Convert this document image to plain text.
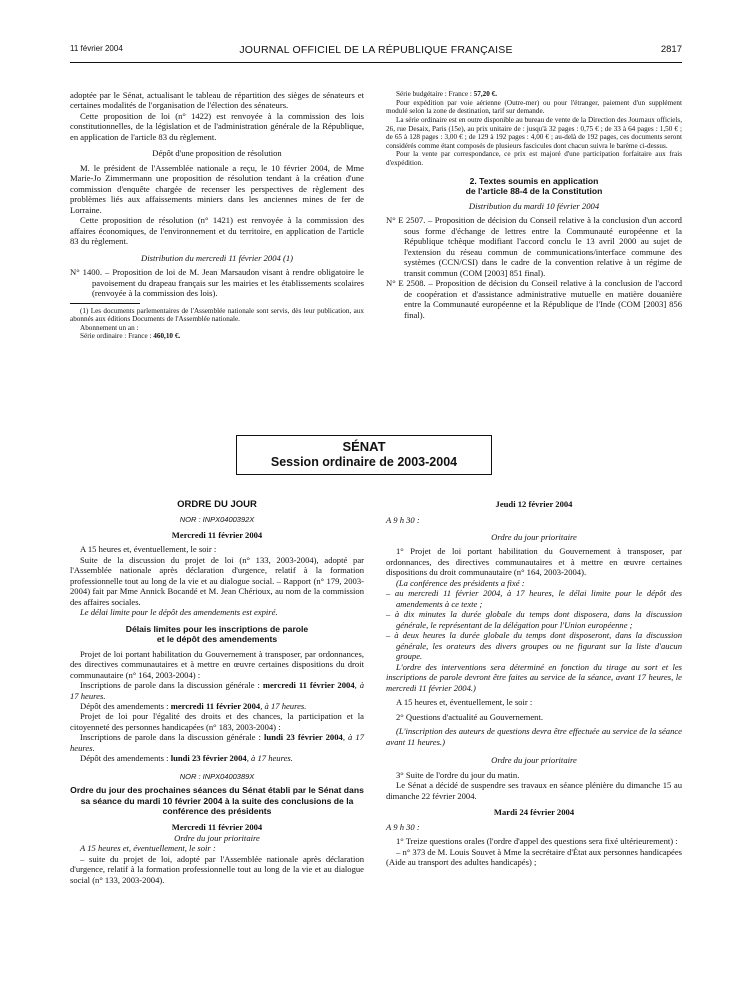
11 février 2004	JOURNAL OFFICIEL DE LA RÉPUBLIQUE FRANÇAISE	2817

adoptée par le Sénat, actualisant le tableau de répartition des sièges de sénateurs et certaines modalités de l'organisation de l'élection des sénateurs.

Cette proposition de loi (n° 1422) est renvoyée à la commission des lois constitutionnelles, de la législation et de l'administration générale de la République, en application de l'article 83 du règlement.

Dépôt d'une proposition de résolution

M. le président de l'Assemblée nationale a reçu, le 10 février 2004, de Mme Marie-Jo Zimmermann une proposition de résolution tendant à la création d'une commission d'enquête chargée de recenser les perspectives de règlement des problèmes liés aux affaissements miniers dans les anciennes mines de fer de Lorraine.

Cette proposition de résolution (n° 1421) est renvoyée à la commission des affaires économiques, de l'environnement et du territoire, en application de l'article 83 du règlement.

Distribution du mercredi 11 février 2004 (1)

N° 1400. – Proposition de loi de M. Jean Marsaudon visant à rendre obligatoire le pavoisement du drapeau français sur les mairies et les établissements scolaires (renvoyée à la commission des lois).

(1) Les documents parlementaires de l'Assemblée nationale sont servis, dès leur publication, aux abonnés aux éditions Documents de l'Assemblée nationale.

Abonnement un an :

Série ordinaire : France : 460,10 €.

Série budgétaire : France : 57,20 €.

Pour expédition par voie aérienne (Outre-mer) ou pour l'étranger, paiement d'un supplément modulé selon la zone de destination, tarif sur demande.

La série ordinaire est en outre disponible au bureau de vente de la Direction des Journaux officiels, 26, rue Desaix, Paris (15e), au prix unitaire de : jusqu'à 32 pages : 0,75 € ; de 33 à 64 pages : 1,50 € ; de 65 à 128 pages : 3,00 € ; de 129 à 192 pages : 4,00 € ; au-delà de 192 pages, ces documents seront considérés comme étant composés de plusieurs fascicules dont chacun suivra le barème ci-dessus.

Pour la vente par correspondance, ce prix est majoré d'une participation forfaitaire aux frais d'expédition.

2. Textes soumis en application
de l'article 88-4 de la Constitution

Distribution du mardi 10 février 2004

N° E 2507. – Proposition de décision du Conseil relative à la conclusion d'un accord sous forme d'échange de lettres entre la Communauté européenne et la République tchèque modifiant l'accord conclu le 13 avril 2000 au sujet de l'extension du réseau commun de communications/interface commune des systèmes (CCN/CSI) dans le cadre de la convention relative à un régime de transit commun (COM [2003] 851 final).

N° E 2508. – Proposition de décision du Conseil relative à la conclusion de l'accord de coopération et d'assistance administrative mutuelle en matière douanière entre la Communauté européenne et la République de l'Inde (COM [2003] 856 final).

SÉNAT
Session ordinaire de 2003-2004

ORDRE DU JOUR

NOR : INPX0400392X

Mercredi 11 février 2004

A 15 heures et, éventuellement, le soir :

Suite de la discussion du projet de loi (n° 133, 2003-2004), adopté par l'Assemblée nationale après déclaration d'urgence, relatif à la formation professionnelle tout au long de la vie et au dialogue social. – Rapport (n° 179, 2003-2004) fait par Mme Annick Bocandé et M. Jean Chérioux, au nom de la commission des affaires sociales.

Le délai limite pour le dépôt des amendements est expiré.

Délais limites pour les inscriptions de parole
et le dépôt des amendements

Projet de loi portant habilitation du Gouvernement à transposer, par ordonnances, des directives communautaires et à mettre en œuvre certaines dispositions du droit communautaire (n° 164, 2003-2004) :

Inscriptions de parole dans la discussion générale : mercredi 11 février 2004, à 17 heures.

Dépôt des amendements : mercredi 11 février 2004, à 17 heures.

Projet de loi pour l'égalité des droits et des chances, la participation et la citoyenneté des personnes handicapées (n° 183, 2003-2004) :

Inscriptions de parole dans la discussion générale : lundi 23 février 2004, à 17 heures.

Dépôt des amendements : lundi 23 février 2004, à 17 heures.

NOR : INPX0400389X

Ordre du jour des prochaines séances du Sénat établi par le Sénat dans sa séance du mardi 10 février 2004 à la suite des conclusions de la conférence des présidents

Mercredi 11 février 2004

Ordre du jour prioritaire

A 15 heures et, éventuellement, le soir :

– suite du projet de loi, adopté par l'Assemblée nationale après déclaration d'urgence, relatif à la formation professionnelle tout au long de la vie et au dialogue social (n° 133, 2003-2004).

Jeudi 12 février 2004

A 9 h 30 :

Ordre du jour prioritaire

1° Projet de loi portant habilitation du Gouvernement à transposer, par ordonnances, des directives communautaires et à mettre en œuvre certaines dispositions du droit communautaire (n° 164, 2003-2004).

(La conférence des présidents a fixé :

– au mercredi 11 février 2004, à 17 heures, le délai limite pour le dépôt des amendements à ce texte ;

– à dix minutes la durée globale du temps dont disposera, dans la discussion générale, le représentant de la délégation pour l'Union européenne ;

– à deux heures la durée globale du temps dont disposeront, dans la discussion générale, les orateurs des divers groupes ou ne figurant sur la liste d'aucun groupe.

L'ordre des interventions sera déterminé en fonction du tirage au sort et les inscriptions de parole devront être faites au service de la séance, avant 17 heures, le mercredi 11 février 2004.)

A 15 heures et, éventuellement, le soir :

2° Questions d'actualité au Gouvernement.

(L'inscription des auteurs de questions devra être effectuée au service de la séance avant 11 heures.)

Ordre du jour prioritaire

3° Suite de l'ordre du jour du matin.

Le Sénat a décidé de suspendre ses travaux en séance plénière du dimanche 15 au dimanche 22 février 2004.

Mardi 24 février 2004

A 9 h 30 :

1° Treize questions orales (l'ordre d'appel des questions sera fixé ultérieurement) :

– n° 373 de M. Louis Souvet à Mme la secrétaire d'État aux personnes handicapées (Aide au transport des adultes handicapés) ;
